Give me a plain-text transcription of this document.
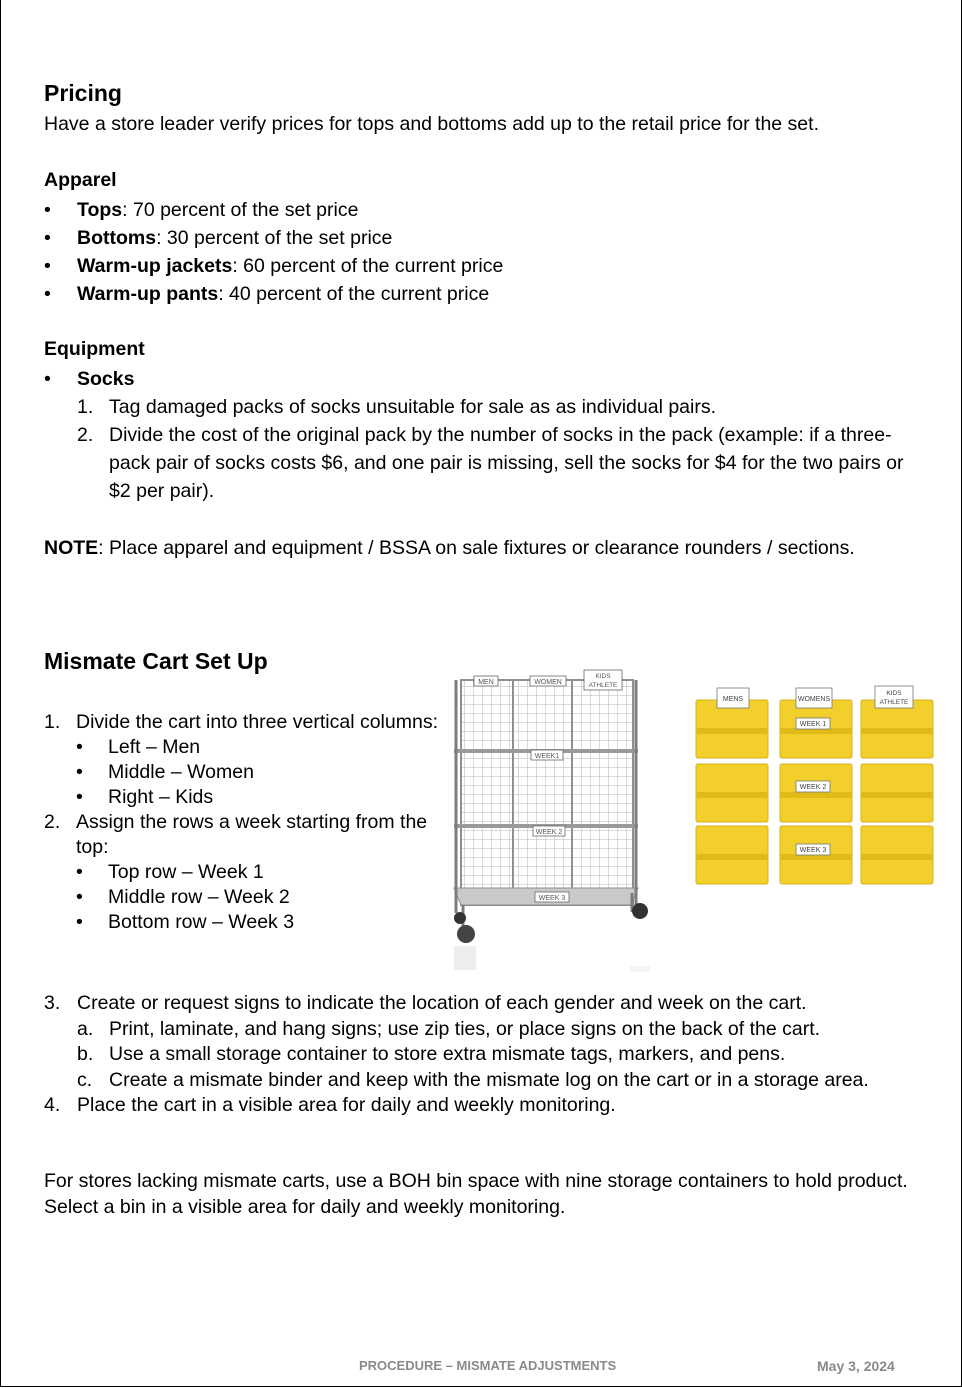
Pricing

Have a store leader verify prices for tops and bottoms add up to the retail price for the set.

Apparel
• Tops: 70 percent of the set price
• Bottoms: 30 percent of the set price
• Warm-up jackets: 60 percent of the current price
• Warm-up pants: 40 percent of the current price
Equipment
• Socks
1. Tag damaged packs of socks unsuitable for sale as as individual pairs.
2. Divide the cost of the original pack by the number of socks in the pack (example: if a three-pack pair of socks costs $6, and one pair is missing, sell the socks for $4 for the two pairs or $2 per pair).

NOTE: Place apparel and equipment / BSSA on sale fixtures or clearance rounders / sections.

Mismate Cart Set Up
1. Divide the cart into three vertical columns:
• Left – Men
• Middle – Women
• Right – Kids
2. Assign the rows a week starting from the top:
• Top row – Week 1
• Middle row – Week 2
• Bottom row – Week 3
MEN	WOMEN
KIDS
ATHLETE
WEEK1
WEEK 2
WEEK 3
MENS	WOMENS
KIDS
ATHLETE
WEEK 1
WEEK 2
WEEK 3
3. Create or request signs to indicate the location of each gender and week on the cart.
a. Print, laminate, and hang signs; use zip ties, or place signs on the back of the cart.
b. Use a small storage container to store extra mismate tags, markers, and pens.
c. Create a mismate binder and keep with the mismate log on the cart or in a storage area.
4. Place the cart in a visible area for daily and weekly monitoring.

For stores lacking mismate carts, use a BOH bin space with nine storage containers to hold product. Select a bin in a visible area for daily and weekly monitoring.

PROCEDURE – MISMATE ADJUSTMENTS	May 3, 2024
